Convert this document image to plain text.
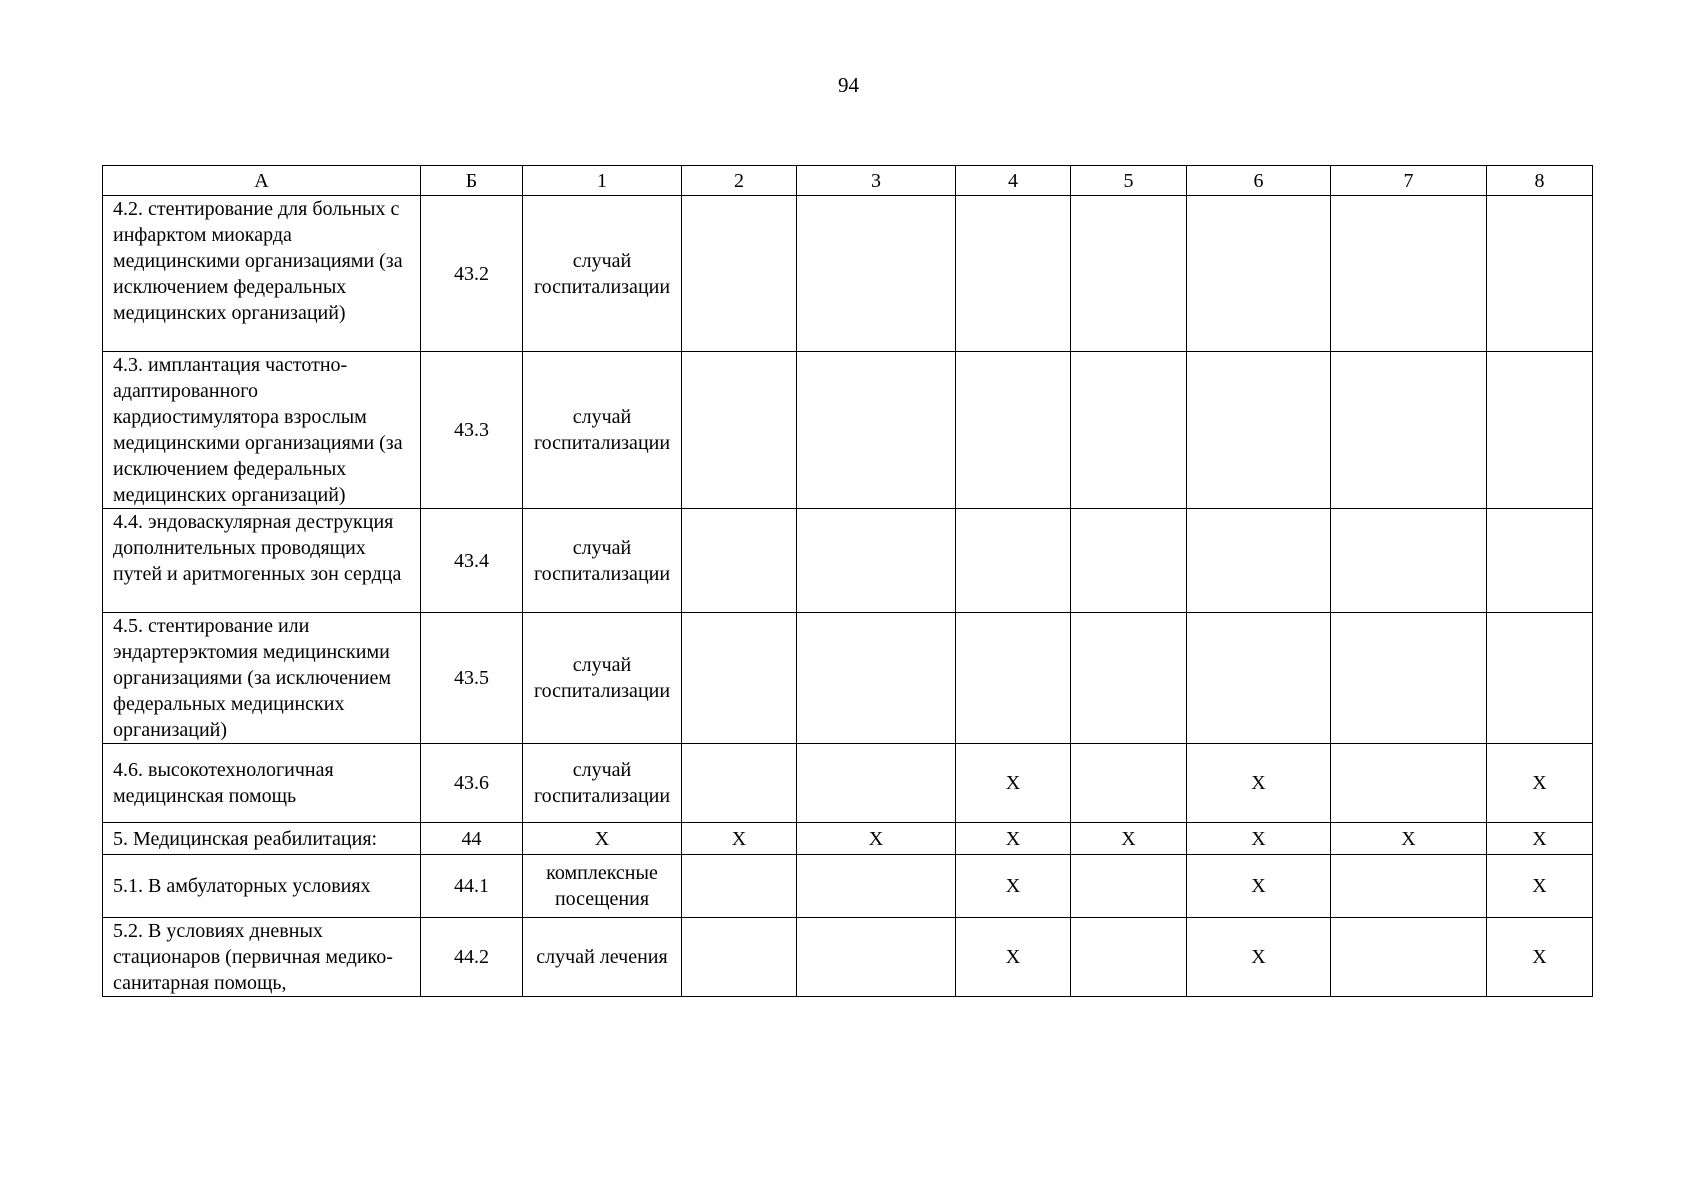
94
А	Б	1	2	3	4	5	6	7	8
4.2. стентирование для больных с инфарктом миокарда медицинскими организациями (за исключением федеральных медицинских организаций)	43.2	случай госпитализации							
4.3. имплантация частотно-адаптированного кардиостимулятора взрослым медицинскими организациями (за исключением федеральных медицинских организаций)	43.3	случай госпитализации							
4.4. эндоваскулярная деструкция дополнительных проводящих путей и аритмогенных зон сердца	43.4	случай госпитализации							
4.5. стентирование или эндартерэктомия медицинскими организациями (за исключением федеральных медицинских организаций)	43.5	случай госпитализации							
4.6. высокотехнологичная медицинская помощь	43.6	случай госпитализации			X		X		X
5. Медицинская реабилитация:	44	X	X	X	X	X	X	X	X
5.1. В амбулаторных условиях	44.1	комплексные посещения			X		X		X
5.2. В условиях дневных стационаров (первичная медико-санитарная помощь,	44.2	случай лечения			X		X		X
